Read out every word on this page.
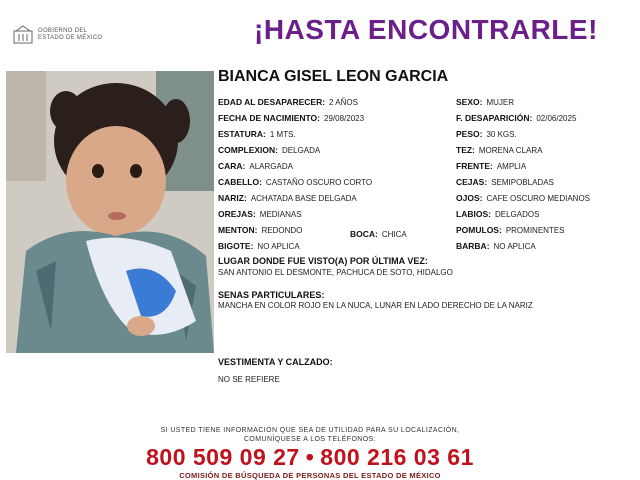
GOBIERNO DEL
ESTADO DE MÉXICO	¡HASTA ENCONTRARLE!
BIANCA GISEL LEON GARCIA
EDAD AL DESAPARECER: 2 AÑOS
FECHA DE NACIMIENTO: 29/08/2023
ESTATURA: 1 MTS.
COMPLEXION: DELGADA
CARA: ALARGADA
CABELLO: CASTAÑO OSCURO CORTO
NARIZ: ACHATADA BASE DELGADA
OREJAS: MEDIANAS
MENTON: REDONDO
BIGOTE: NO APLICA
BOCA: CHICA
SEXO: MUJER
F. DESAPARICIÓN: 02/06/2025
PESO: 30 KGS.
TEZ: MORENA CLARA
FRENTE: AMPLIA
CEJAS: SEMIPOBLADAS
OJOS: CAFE OSCURO MEDIANOS
LABIOS: DELGADOS
POMULOS: PROMINENTES
BARBA: NO APLICA
LUGAR DONDE FUE VISTO(A) POR ÚLTIMA VEZ:
SAN ANTONIO EL DESMONTE, PACHUCA DE SOTO, HIDALGO
SENAS PARTICULARES:
MANCHA EN COLOR ROJO EN LA NUCA, LUNAR EN LADO DERECHO DE LA NARIZ
VESTIMENTA Y CALZADO:
NO SE REFIERE
SI USTED TIENE INFORMACIÓN QUE SEA DE UTILIDAD PARA SU LOCALIZACIÓN,
COMUNÍQUESE A LOS TELÉFONOS:
800 509 09 27 • 800 216 03 61
COMISIÓN DE BÚSQUEDA DE PERSONAS DEL ESTADO DE MÉXICO
